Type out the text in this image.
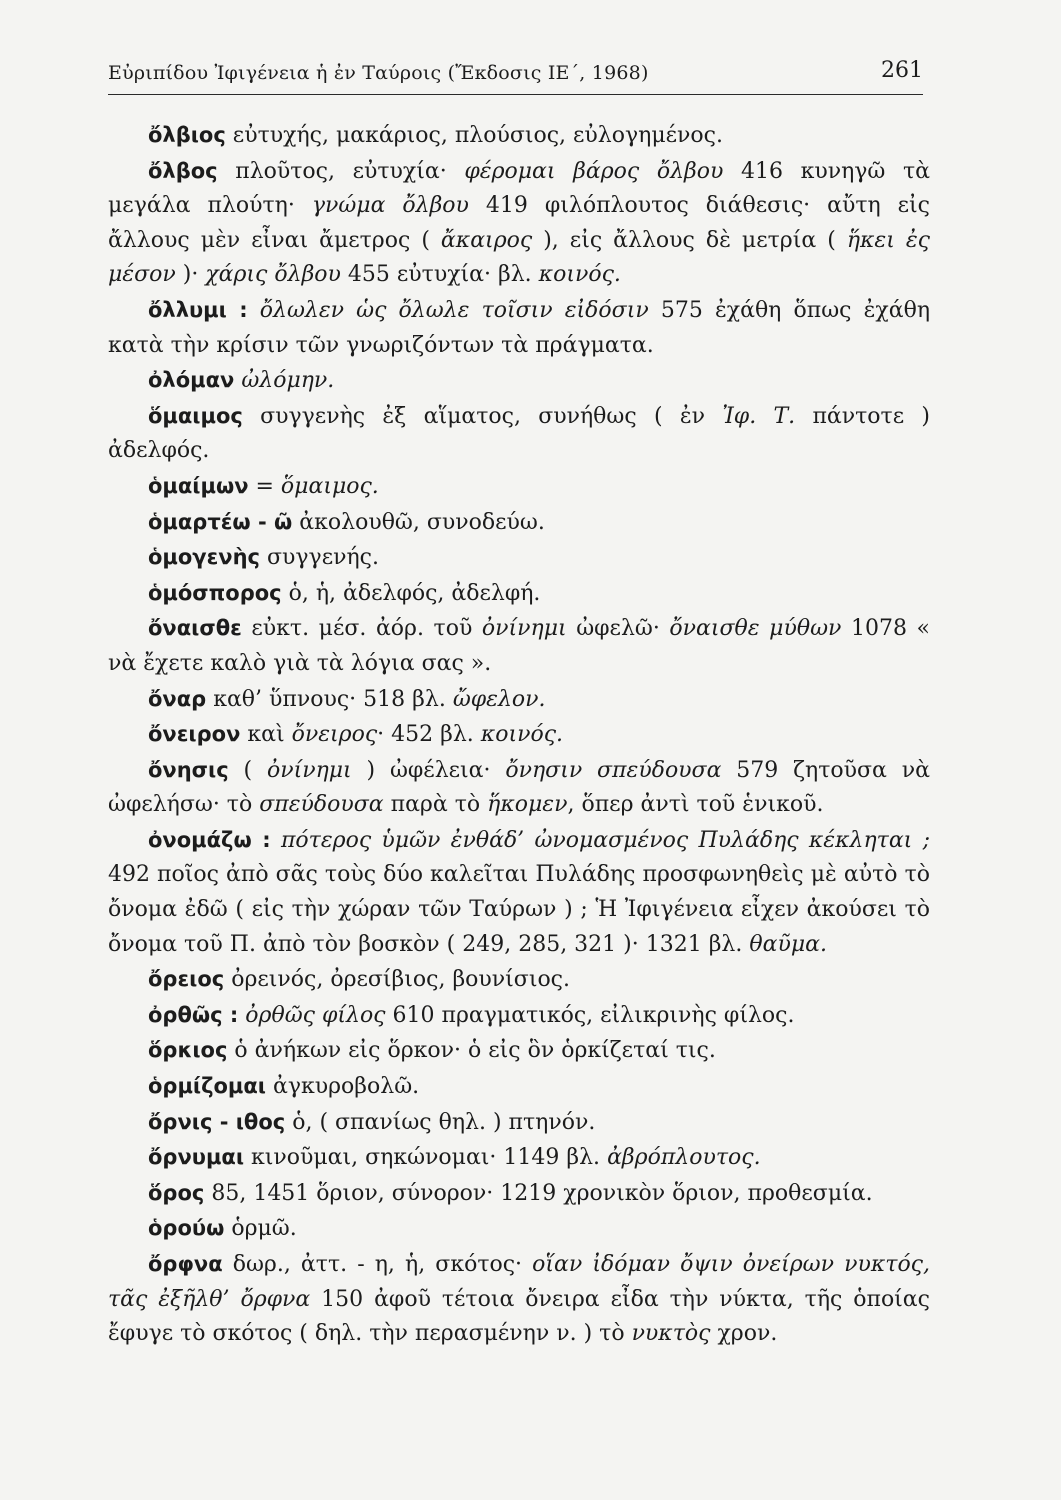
Εὐριπίδου Ἰφιγένεια ἡ ἐν Ταύροις (Ἔκδοσις ΙΕ΄, 1968)	261

ὄλβιος εὐτυχής, μακάριος, πλούσιος, εὐλογημένος.

ὄλβος πλοῦτος, εὐτυχία· φέρομαι βάρος ὄλβου 416 κυνηγῶ τὰ μεγάλα πλούτη· γνώμα ὄλβου 419 φιλόπλουτος διάθεσις· αὔτη εἰς ἄλλους μὲν εἶναι ἄμετρος ( ἄκαιρος ), εἰς ἄλλους δὲ μετρία ( ἥκει ἐς μέσον )· χάρις ὄλβου 455 εὐτυχία· βλ. κοινός.

ὄλλυμι : ὄλωλεν ὡς ὄλωλε τοῖσιν εἰδόσιν 575 ἐχάθη ὅπως ἐχάθη κατὰ τὴν κρίσιν τῶν γνωριζόντων τὰ πράγματα.

ὀλόμαν ὠλόμην.

ὅμαιμος συγγενὴς ἐξ αἵματος, συνήθως ( ἐν Ἰφ. Τ. πάντοτε ) ἀδελφός.

ὁμαίμων = ὅμαιμος.

ὁμαρτέω - ῶ ἀκολουθῶ, συνοδεύω.

ὁμογενὴς συγγενής.

ὁμόσπορος ὁ, ἡ, ἀδελφός, ἀδελφή.

ὄναισθε εὐκτ. μέσ. ἀόρ. τοῦ ὀνίνημι ὠφελῶ· ὄναισθε μύθων 1078 « νὰ ἔχετε καλὸ γιὰ τὰ λόγια σας ».

ὄναρ καθ’ ὕπνους· 518 βλ. ὤφελον.

ὄνειρον καὶ ὄνειρος· 452 βλ. κοινός.

ὄνησις ( ὀνίνημι ) ὠφέλεια· ὄνησιν σπεύδουσα 579 ζητοῦσα νὰ ὠφελήσω· τὸ σπεύδουσα παρὰ τὸ ἥκομεν, ὅπερ ἀντὶ τοῦ ἑνικοῦ.

ὀνομάζω : πότερος ὑμῶν ἐνθάδ’ ὠνομασμένος Πυλάδης κέκληται ; 492 ποῖος ἀπὸ σᾶς τοὺς δύο καλεῖται Πυλάδης προσφωνηθεὶς μὲ αὐτὸ τὸ ὄνομα ἐδῶ ( εἰς τὴν χώραν τῶν Ταύρων ) ; Ἡ Ἰφιγένεια εἶχεν ἀκούσει τὸ ὄνομα τοῦ Π. ἀπὸ τὸν βοσκὸν ( 249, 285, 321 )· 1321 βλ. θαῦμα.

ὄρειος ὀρεινός, ὀρεσίβιος, βουνίσιος.

ὀρθῶς : ὀρθῶς φίλος 610 πραγματικός, εἰλικρινὴς φίλος.

ὅρκιος ὁ ἀνήκων εἰς ὅρκον· ὁ εἰς ὃν ὁρκίζεταί τις.

ὁρμίζομαι ἀγκυροβολῶ.

ὄρνις - ιθος ὁ, ( σπανίως θηλ. ) πτηνόν.

ὄρνυμαι κινοῦμαι, σηκώνομαι· 1149 βλ. ἀβρόπλουτος.

ὅρος 85, 1451 ὅριον, σύνορον· 1219 χρονικὸν ὅριον, προθεσμία.

ὁρούω ὁρμῶ.

ὄρφνα δωρ., ἀττ. - η, ἡ, σκότος· οἵαν ἰδόμαν ὄψιν ὀνείρων νυκτός, τᾶς ἐξῆλθ’ ὄρφνα 150 ἀφοῦ τέτοια ὄνειρα εἶδα τὴν νύκτα, τῆς ὁποίας ἔφυγε τὸ σκότος ( δηλ. τὴν περασμένην ν. ) τὸ νυκτὸς χρον.
